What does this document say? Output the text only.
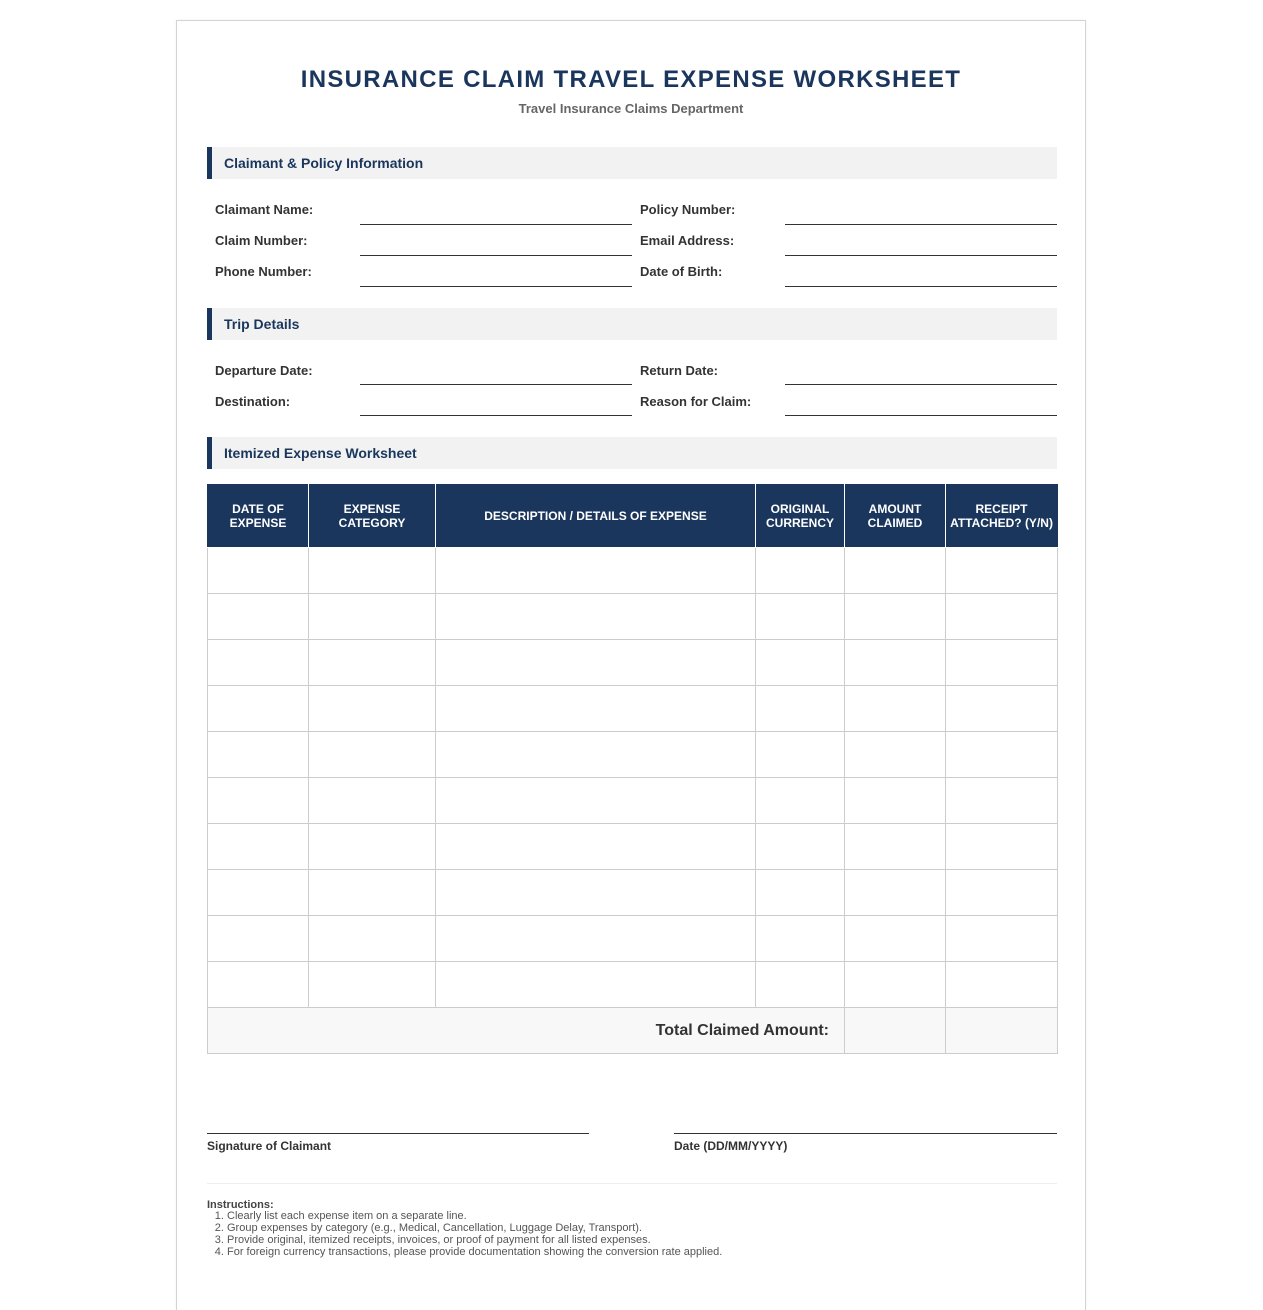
INSURANCE CLAIM TRAVEL EXPENSE WORKSHEET
Travel Insurance Claims Department
Claimant & Policy Information
Claimant Name:	Policy Number:
Claim Number:	Email Address:
Phone Number:	Date of Birth:
Trip Details
Departure Date:	Return Date:
Destination:	Reason for Claim:
Itemized Expense Worksheet
DATE OF EXPENSE	EXPENSE CATEGORY	DESCRIPTION / DETAILS OF EXPENSE	ORIGINAL CURRENCY	AMOUNT CLAIMED	RECEIPT ATTACHED? (Y/N)

Total Claimed Amount:					
Signature of Claimant	Date (DD/MM/YYYY)
Instructions:
1. Clearly list each expense item on a separate line.
2. Group expenses by category (e.g., Medical, Cancellation, Luggage Delay, Transport).
3. Provide original, itemized receipts, invoices, or proof of payment for all listed expenses.
4. For foreign currency transactions, please provide documentation showing the conversion rate applied.
